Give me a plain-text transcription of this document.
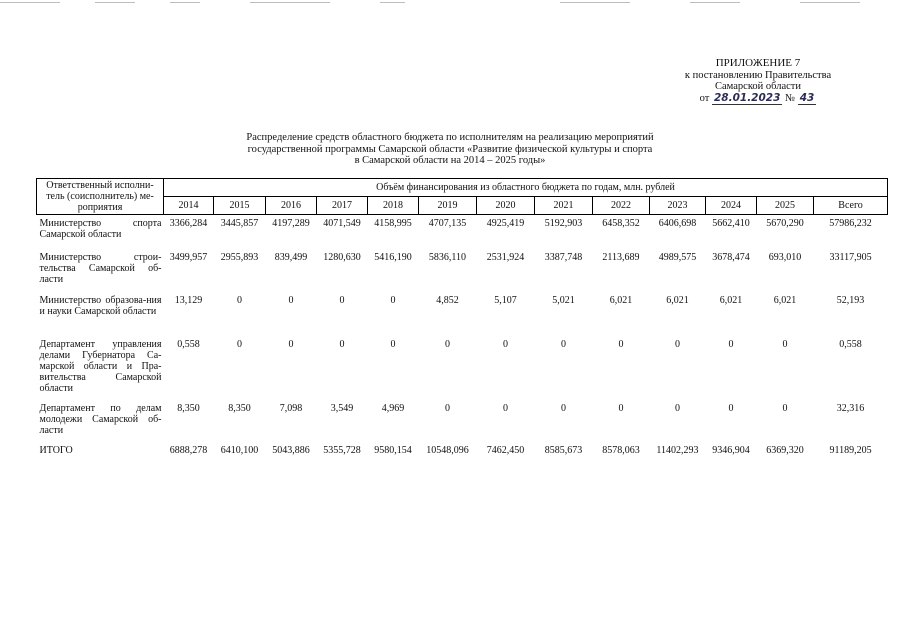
ПРИЛОЖЕНИЕ 7
к постановлению Правительства
Самарской области
от 28.01.2023 № 43
Распределение средств областного бюджета по исполнителям на реализацию мероприятий
государственной программы Самарской области «Развитие физической культуры и спорта
в Самарской области на 2014 – 2025 годы»
Ответственный исполни-тель (соисполнитель) ме-роприятия	Объём финансирования из областного бюджета по годам, млн. рублей												
	2014	2015	2016	2017	2018	2019	2020	2021	2022	2023	2024	2025	Всего
Министерство спорта Самарской области	3366,284	3445,857	4197,289	4071,549	4158,995	4707,135	4925,419	5192,903	6458,352	6406,698	5662,410	5670,290	57986,232
Министерство строи-тельства Самарской об-ласти	3499,957	2955,893	839,499	1280,630	5416,190	5836,110	2531,924	3387,748	2113,689	4989,575	3678,474	693,010	33117,905
Министерство образова-ния и науки Самарской области	13,129	0	0	0	0	4,852	5,107	5,021	6,021	6,021	6,021	6,021	52,193
Департамент управления делами Губернатора Са-марской области и Пра-вительства Самарской области	0,558	0	0	0	0	0	0	0	0	0	0	0	0,558
Департамент по делам молодежи Самарской об-ласти	8,350	8,350	7,098	3,549	4,969	0	0	0	0	0	0	0	32,316
ИТОГО	6888,278	6410,100	5043,886	5355,728	9580,154	10548,096	7462,450	8585,673	8578,063	11402,293	9346,904	6369,320	91189,205
